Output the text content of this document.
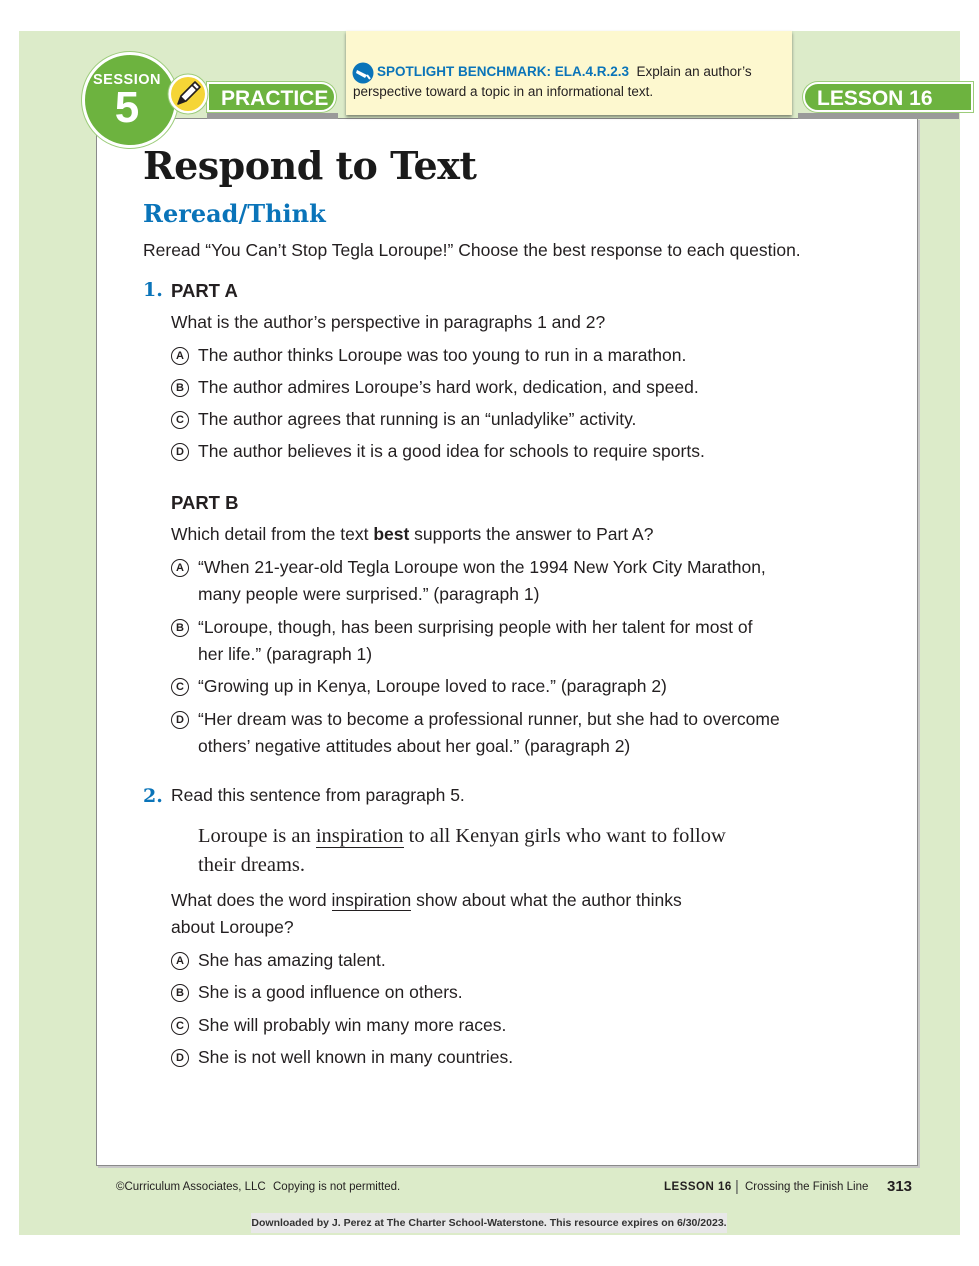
SPOTLIGHT BENCHMARK: ELA.4.R.2.3 Explain an author’s
perspective toward a topic in an informational text.
SESSION
5	PRACTICE	LESSON 16
Respond to Text
Reread/Think
Reread “You Can’t Stop Tegla Loroupe!” Choose the best response to each question.
1. PART A
What is the author’s perspective in paragraphs 1 and 2?
A The author thinks Loroupe was too young to run in a marathon.
B The author admires Loroupe’s hard work, dedication, and speed.
C The author agrees that running is an “unladylike” activity.
D The author believes it is a good idea for schools to require sports.
PART B
Which detail from the text best supports the answer to Part A?
A “When 21-year-old Tegla Loroupe won the 1994 New York City Marathon,
many people were surprised.” (paragraph 1)
B “Loroupe, though, has been surprising people with her talent for most of
her life.” (paragraph 1)
C “Growing up in Kenya, Loroupe loved to race.” (paragraph 2)
D “Her dream was to become a professional runner, but she had to overcome
others’ negative attitudes about her goal.” (paragraph 2)
2. Read this sentence from paragraph 5.
Loroupe is an inspiration to all Kenyan girls who want to follow
their dreams.
What does the word inspiration show about what the author thinks
about Loroupe?
A She has amazing talent.
B She is a good influence on others.
C She will probably win many more races.
D She is not well known in many countries.
©Curriculum Associates, LLC Copying is not permitted.	LESSON 16 | Crossing the Finish Line 313
Downloaded by J. Perez at The Charter School-Waterstone. This resource expires on 6/30/2023.
